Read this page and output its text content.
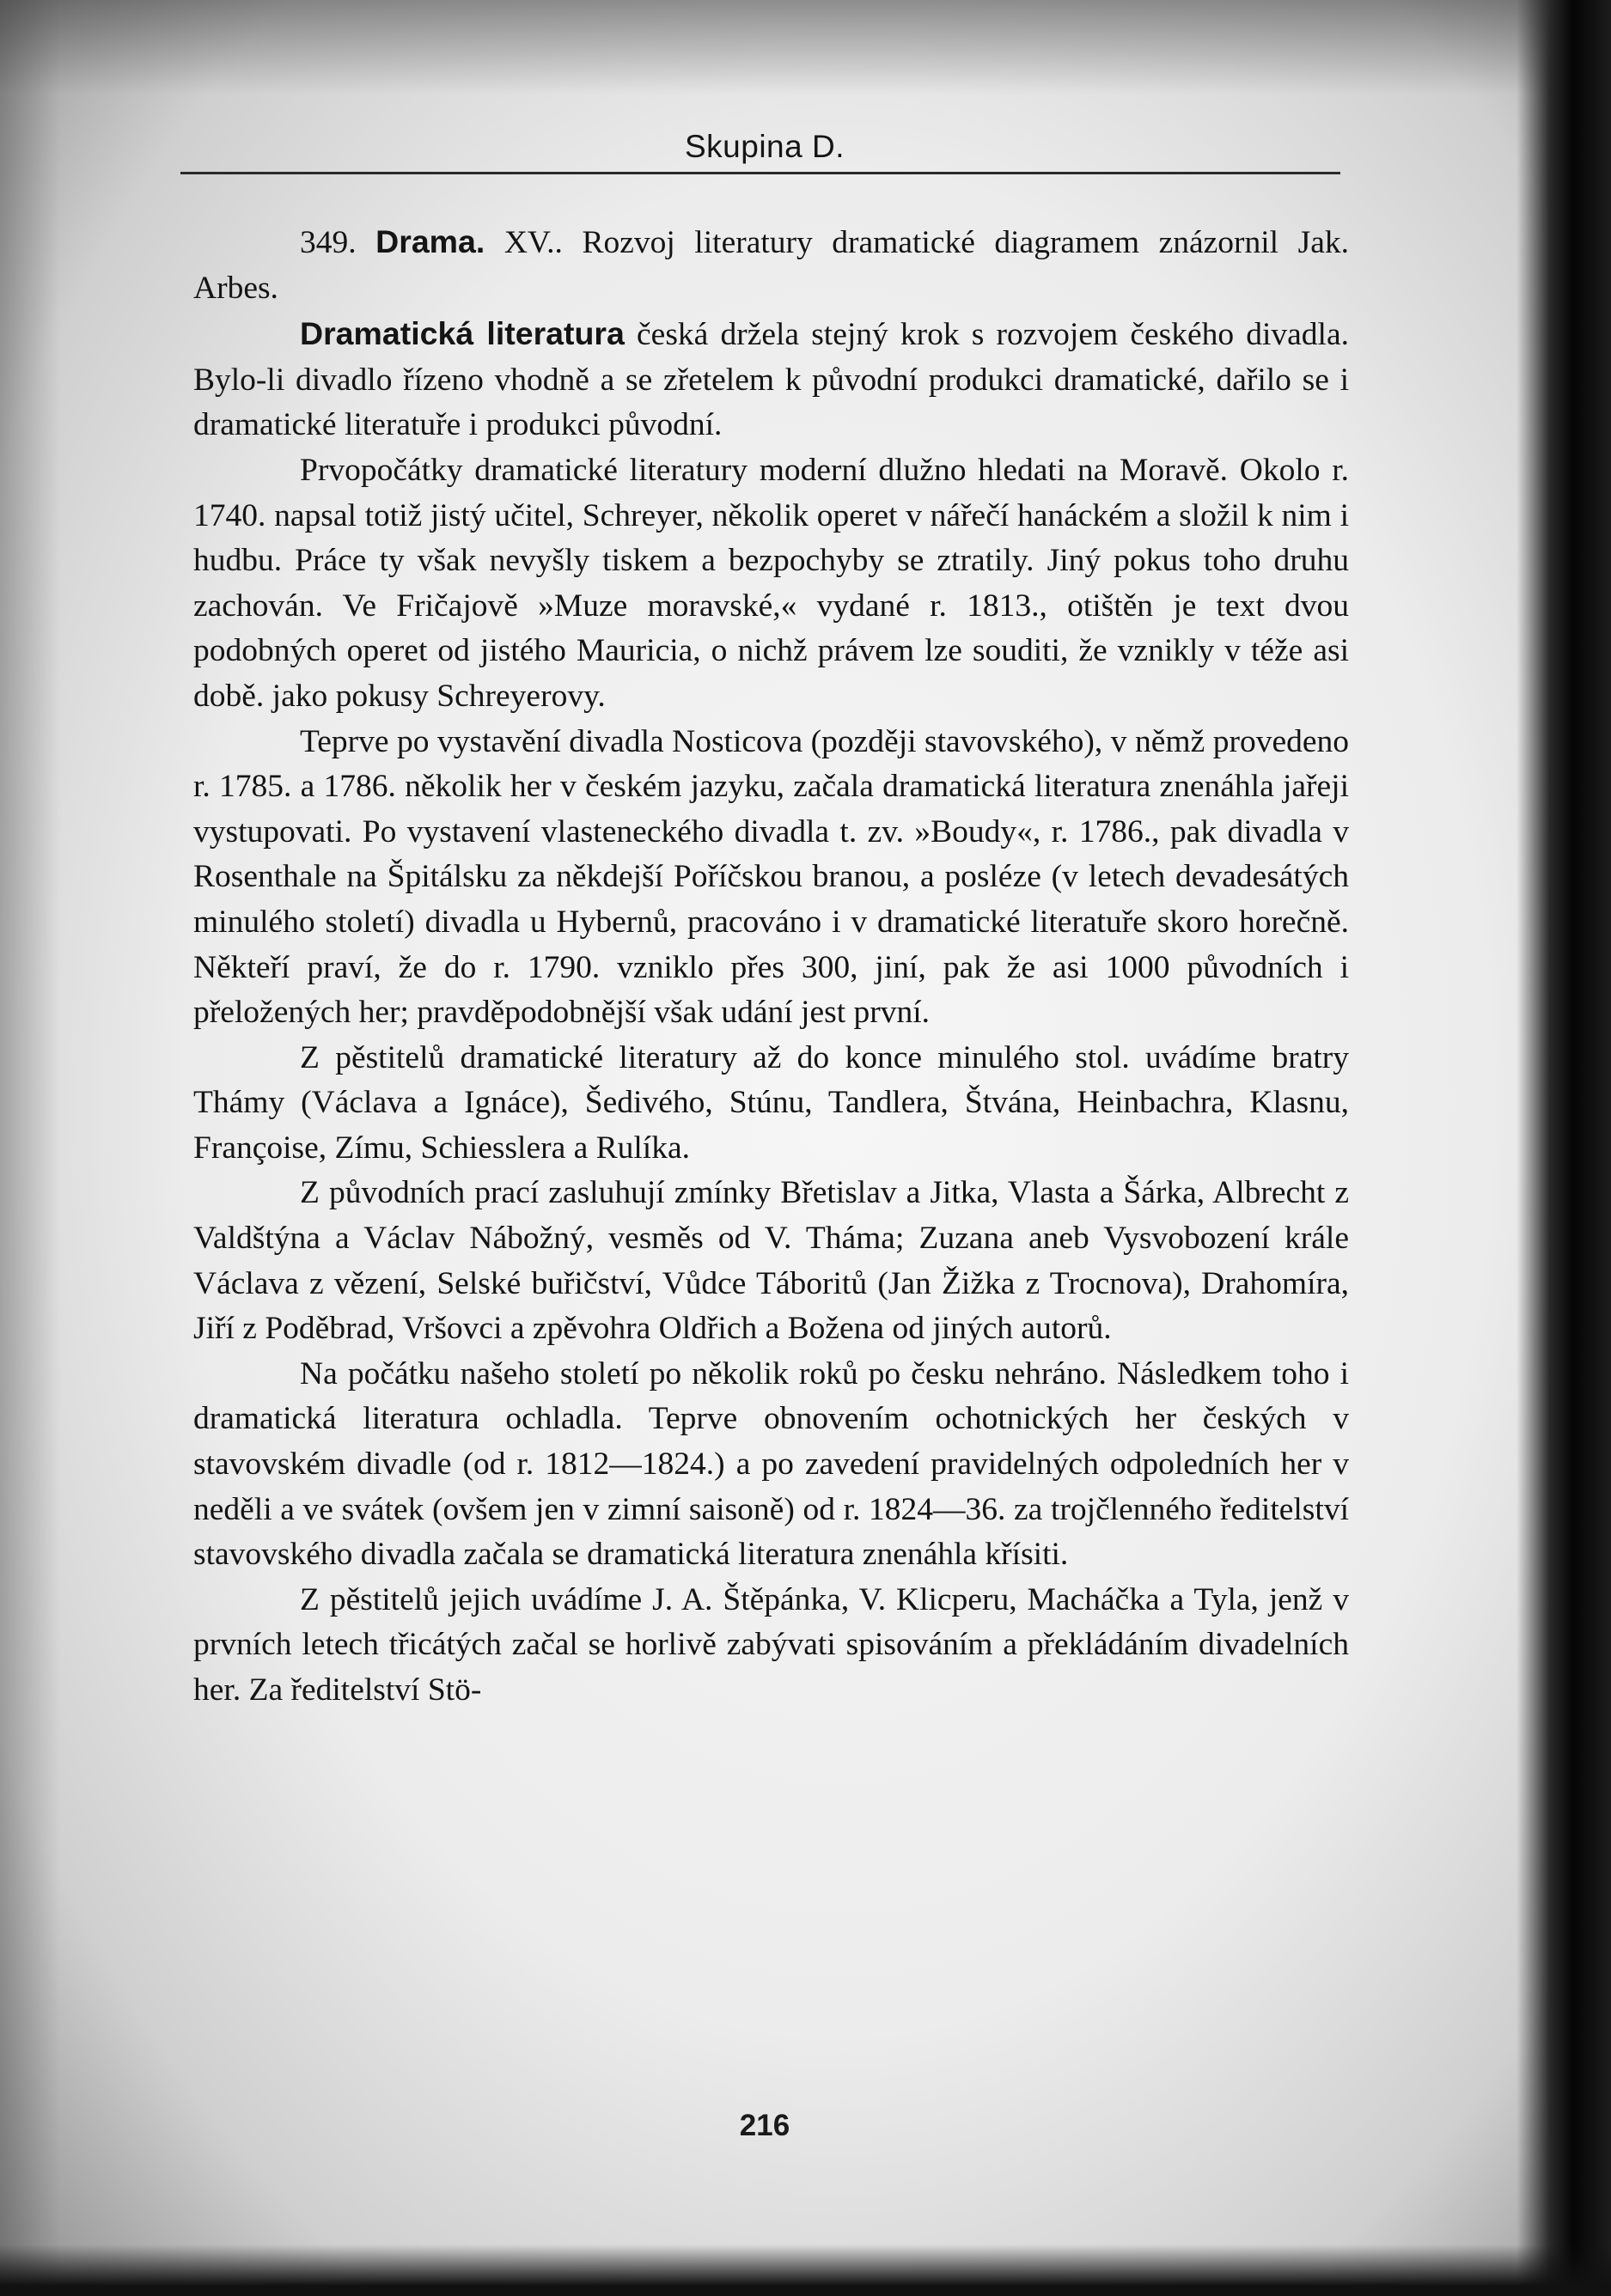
Skupina D.

349. Drama. XV.. Rozvoj literatury dramatické diagramem znázornil Jak. Arbes.

Dramatická literatura česká držela stejný krok s rozvojem českého divadla. Bylo-li divadlo řízeno vhodně a se zřetelem k původní produkci dramatické, dařilo se i dramatické literatuře i produkci původní.

Prvopočátky dramatické literatury moderní dlužno hledati na Moravě. Okolo r. 1740. napsal totiž jistý učitel, Schreyer, několik operet v nářečí hanáckém a složil k nim i hudbu. Práce ty však nevyšly tiskem a bezpochyby se ztratily. Jiný pokus toho druhu zachován. Ve Fričajově »Muze moravské,« vydané r. 1813., otištěn je text dvou podobných operet od jistého Mauricia, o nichž právem lze souditi, že vznikly v téže asi době. jako pokusy Schreyerovy.

Teprve po vystavění divadla Nosticova (později stavovského), v němž provedeno r. 1785. a 1786. několik her v českém jazyku, začala dramatická literatura znenáhla jařeji vystupovati. Po vystavení vlasteneckého divadla t. zv. »Boudy«, r. 1786., pak divadla v Rosenthale na Špitálsku za někdejší Poříčskou branou, a posléze (v letech devadesátých minulého století) divadla u Hybernů, pracováno i v dramatické literatuře skoro horečně. Někteří praví, že do r. 1790. vzniklo přes 300, jiní, pak že asi 1000 původních i přeložených her; pravděpodobnější však udání jest první.

Z pěstitelů dramatické literatury až do konce minulého stol. uvádíme bratry Thámy (Václava a Ignáce), Šedivého, Stúnu, Tandlera, Štvána, Heinbachra, Klasnu, Françoise, Zímu, Schiesslera a Rulíka.

Z původních prací zasluhují zmínky Břetislav a Jitka, Vlasta a Šárka, Albrecht z Valdštýna a Václav Nábožný, vesměs od V. Tháma; Zuzana aneb Vysvobození krále Václava z vězení, Selské buřičství, Vůdce Táboritů (Jan Žižka z Trocnova), Drahomíra, Jiří z Poděbrad, Vršovci a zpěvohra Oldřich a Božena od jiných autorů.

Na počátku našeho století po několik roků po česku nehráno. Následkem toho i dramatická literatura ochladla. Teprve obnovením ochotnických her českých v stavovském divadle (od r. 1812—1824.) a po zavedení pravidelných odpoledních her v neděli a ve svátek (ovšem jen v zimní saisoně) od r. 1824—36. za trojčlenného ředitelství stavovského divadla začala se dramatická literatura znenáhla křísiti.

Z pěstitelů jejich uvádíme J. A. Štěpánka, V. Klicperu, Macháčka a Tyla, jenž v prvních letech třicátých začal se horlivě zabývati spisováním a překládáním divadelních her. Za ředitelství Stö-

216
